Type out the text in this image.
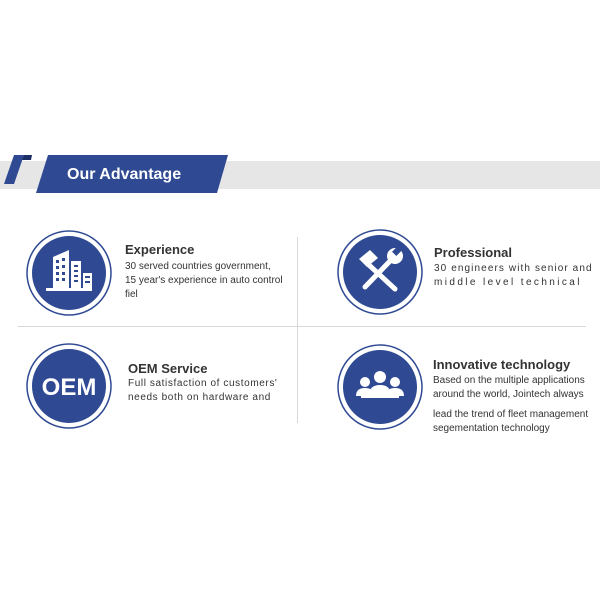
Our Advantage
Experience
30 served countries government,
15 year's experience in auto control
fiel
Professional
30 engineers with senior and
middle level technical
OEM
OEM Service
Full satisfaction of customers'
needs both on hardware and
Innovative technology
Based on the multiple applications
around the world, Jointech always
lead the trend of fleet management
segementation technology
